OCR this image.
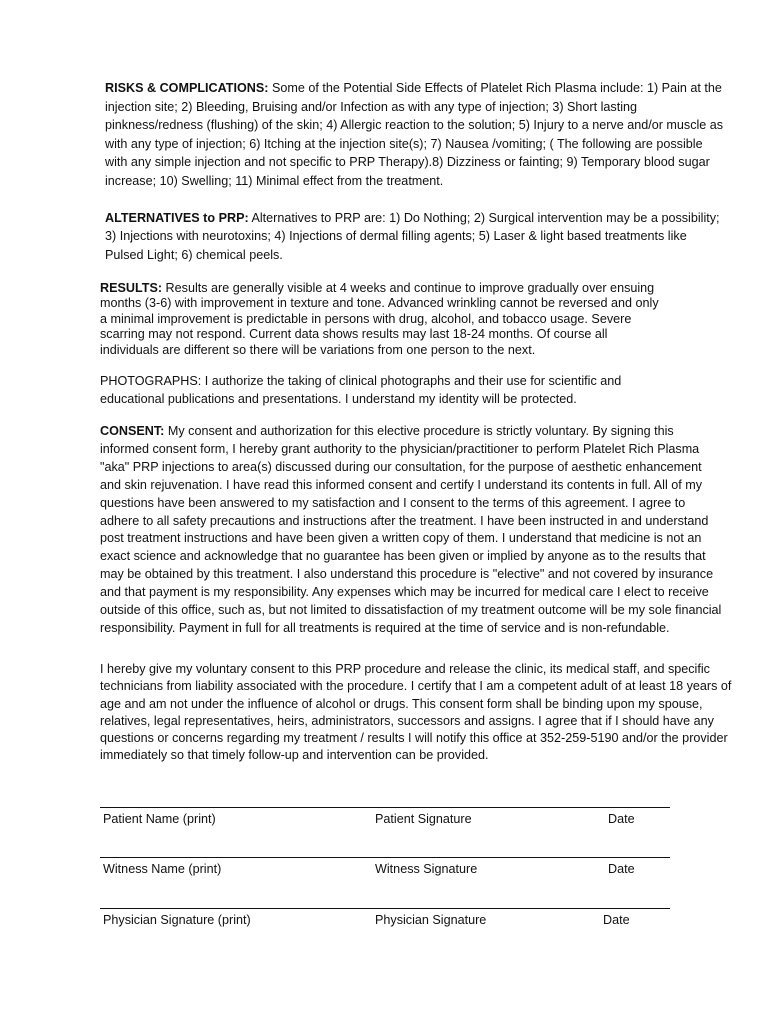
RISKS & COMPLICATIONS: Some of the Potential Side Effects of Platelet Rich Plasma include: 1) Pain at the injection site; 2) Bleeding, Bruising and/or Infection as with any type of injection; 3) Short lasting pinkness/redness (flushing) of the skin; 4) Allergic reaction to the solution; 5) Injury to a nerve and/or muscle as with any type of injection; 6) Itching at the injection site(s); 7) Nausea /vomiting; ( The following are possible with any simple injection and not specific to PRP Therapy).8) Dizziness or fainting; 9) Temporary blood sugar increase; 10) Swelling; 11) Minimal effect from the treatment.

ALTERNATIVES to PRP: Alternatives to PRP are: 1) Do Nothing; 2) Surgical intervention may be a possibility; 3) Injections with neurotoxins; 4) Injections of dermal filling agents; 5) Laser & light based treatments like Pulsed Light; 6) chemical peels.

RESULTS: Results are generally visible at 4 weeks and continue to improve gradually over ensuing months (3-6) with improvement in texture and tone. Advanced wrinkling cannot be reversed and only a minimal improvement is predictable in persons with drug, alcohol, and tobacco usage. Severe scarring may not respond. Current data shows results may last 18-24 months. Of course all individuals are different so there will be variations from one person to the next.

PHOTOGRAPHS: I authorize the taking of clinical photographs and their use for scientific and educational publications and presentations. I understand my identity will be protected.

CONSENT: My consent and authorization for this elective procedure is strictly voluntary. By signing this informed consent form, I hereby grant authority to the physician/practitioner to perform Platelet Rich Plasma "aka" PRP injections to area(s) discussed during our consultation, for the purpose of aesthetic enhancement and skin rejuvenation. I have read this informed consent and certify I understand its contents in full. All of my questions have been answered to my satisfaction and I consent to the terms of this agreement. I agree to adhere to all safety precautions and instructions after the treatment. I have been instructed in and understand post treatment instructions and have been given a written copy of them. I understand that medicine is not an exact science and acknowledge that no guarantee has been given or implied by anyone as to the results that may be obtained by this treatment. I also understand this procedure is "elective" and not covered by insurance and that payment is my responsibility. Any expenses which may be incurred for medical care I elect to receive outside of this office, such as, but not limited to dissatisfaction of my treatment outcome will be my sole financial responsibility. Payment in full for all treatments is required at the time of service and is non-refundable.

I hereby give my voluntary consent to this PRP procedure and release the clinic, its medical staff, and specific technicians from liability associated with the procedure. I certify that I am a competent adult of at least 18 years of age and am not under the influence of alcohol or drugs. This consent form shall be binding upon my spouse, relatives, legal representatives, heirs, administrators, successors and assigns. I agree that if I should have any questions or concerns regarding my treatment / results I will notify this office at 352-259-5190 and/or the provider immediately so that timely follow-up and intervention can be provided.

Patient Name (print)	Patient Signature	Date
Witness Name (print)	Witness Signature	Date
Physician Signature (print)	Physician Signature	Date
